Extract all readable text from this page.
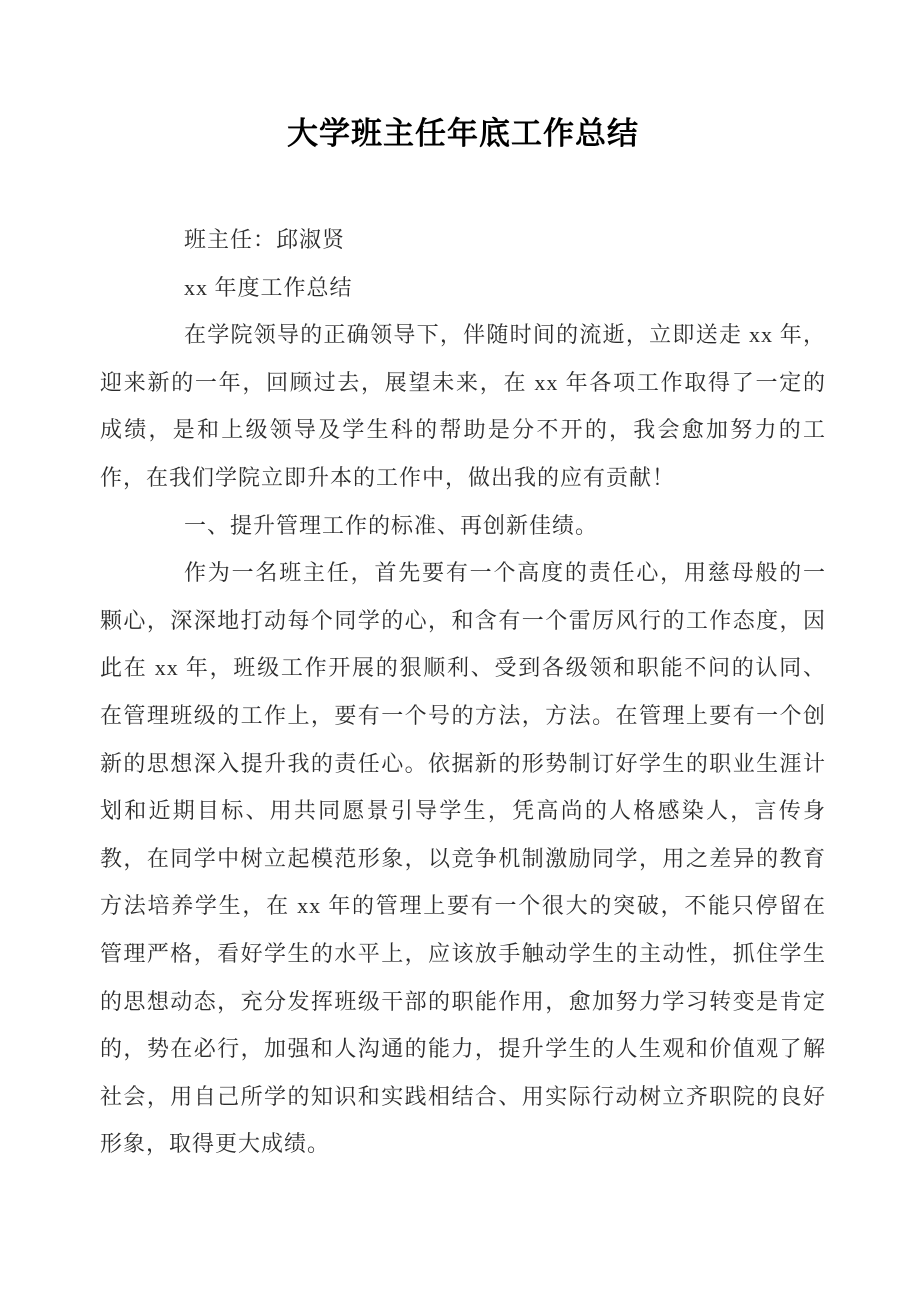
大学班主任年底工作总结

班主任：邱淑贤

xx 年度工作总结

在学院领导的正确领导下，伴随时间的流逝，立即送走 xx 年，迎来新的一年，回顾过去，展望未来，在 xx 年各项工作取得了一定的成绩，是和上级领导及学生科的帮助是分不开的，我会愈加努力的工作，在我们学院立即升本的工作中，做出我的应有贡献！

一、提升管理工作的标准、再创新佳绩。

作为一名班主任，首先要有一个高度的责任心，用慈母般的一颗心，深深地打动每个同学的心，和含有一个雷厉风行的工作态度，因此在 xx 年，班级工作开展的狠顺利、受到各级领和职能不问的认同、在管理班级的工作上，要有一个号的方法，方法。在管理上要有一个创新的思想深入提升我的责任心。依据新的形势制订好学生的职业生涯计划和近期目标、用共同愿景引导学生，凭高尚的人格感染人，言传身教，在同学中树立起模范形象，以竞争机制激励同学，用之差异的教育方法培养学生，在 xx 年的管理上要有一个很大的突破，不能只停留在管理严格，看好学生的水平上，应该放手触动学生的主动性，抓住学生的思想动态，充分发挥班级干部的职能作用，愈加努力学习转变是肯定的，势在必行，加强和人沟通的能力，提升学生的人生观和价值观了解社会，用自己所学的知识和实践相结合、用实际行动树立齐职院的良好形象，取得更大成绩。
